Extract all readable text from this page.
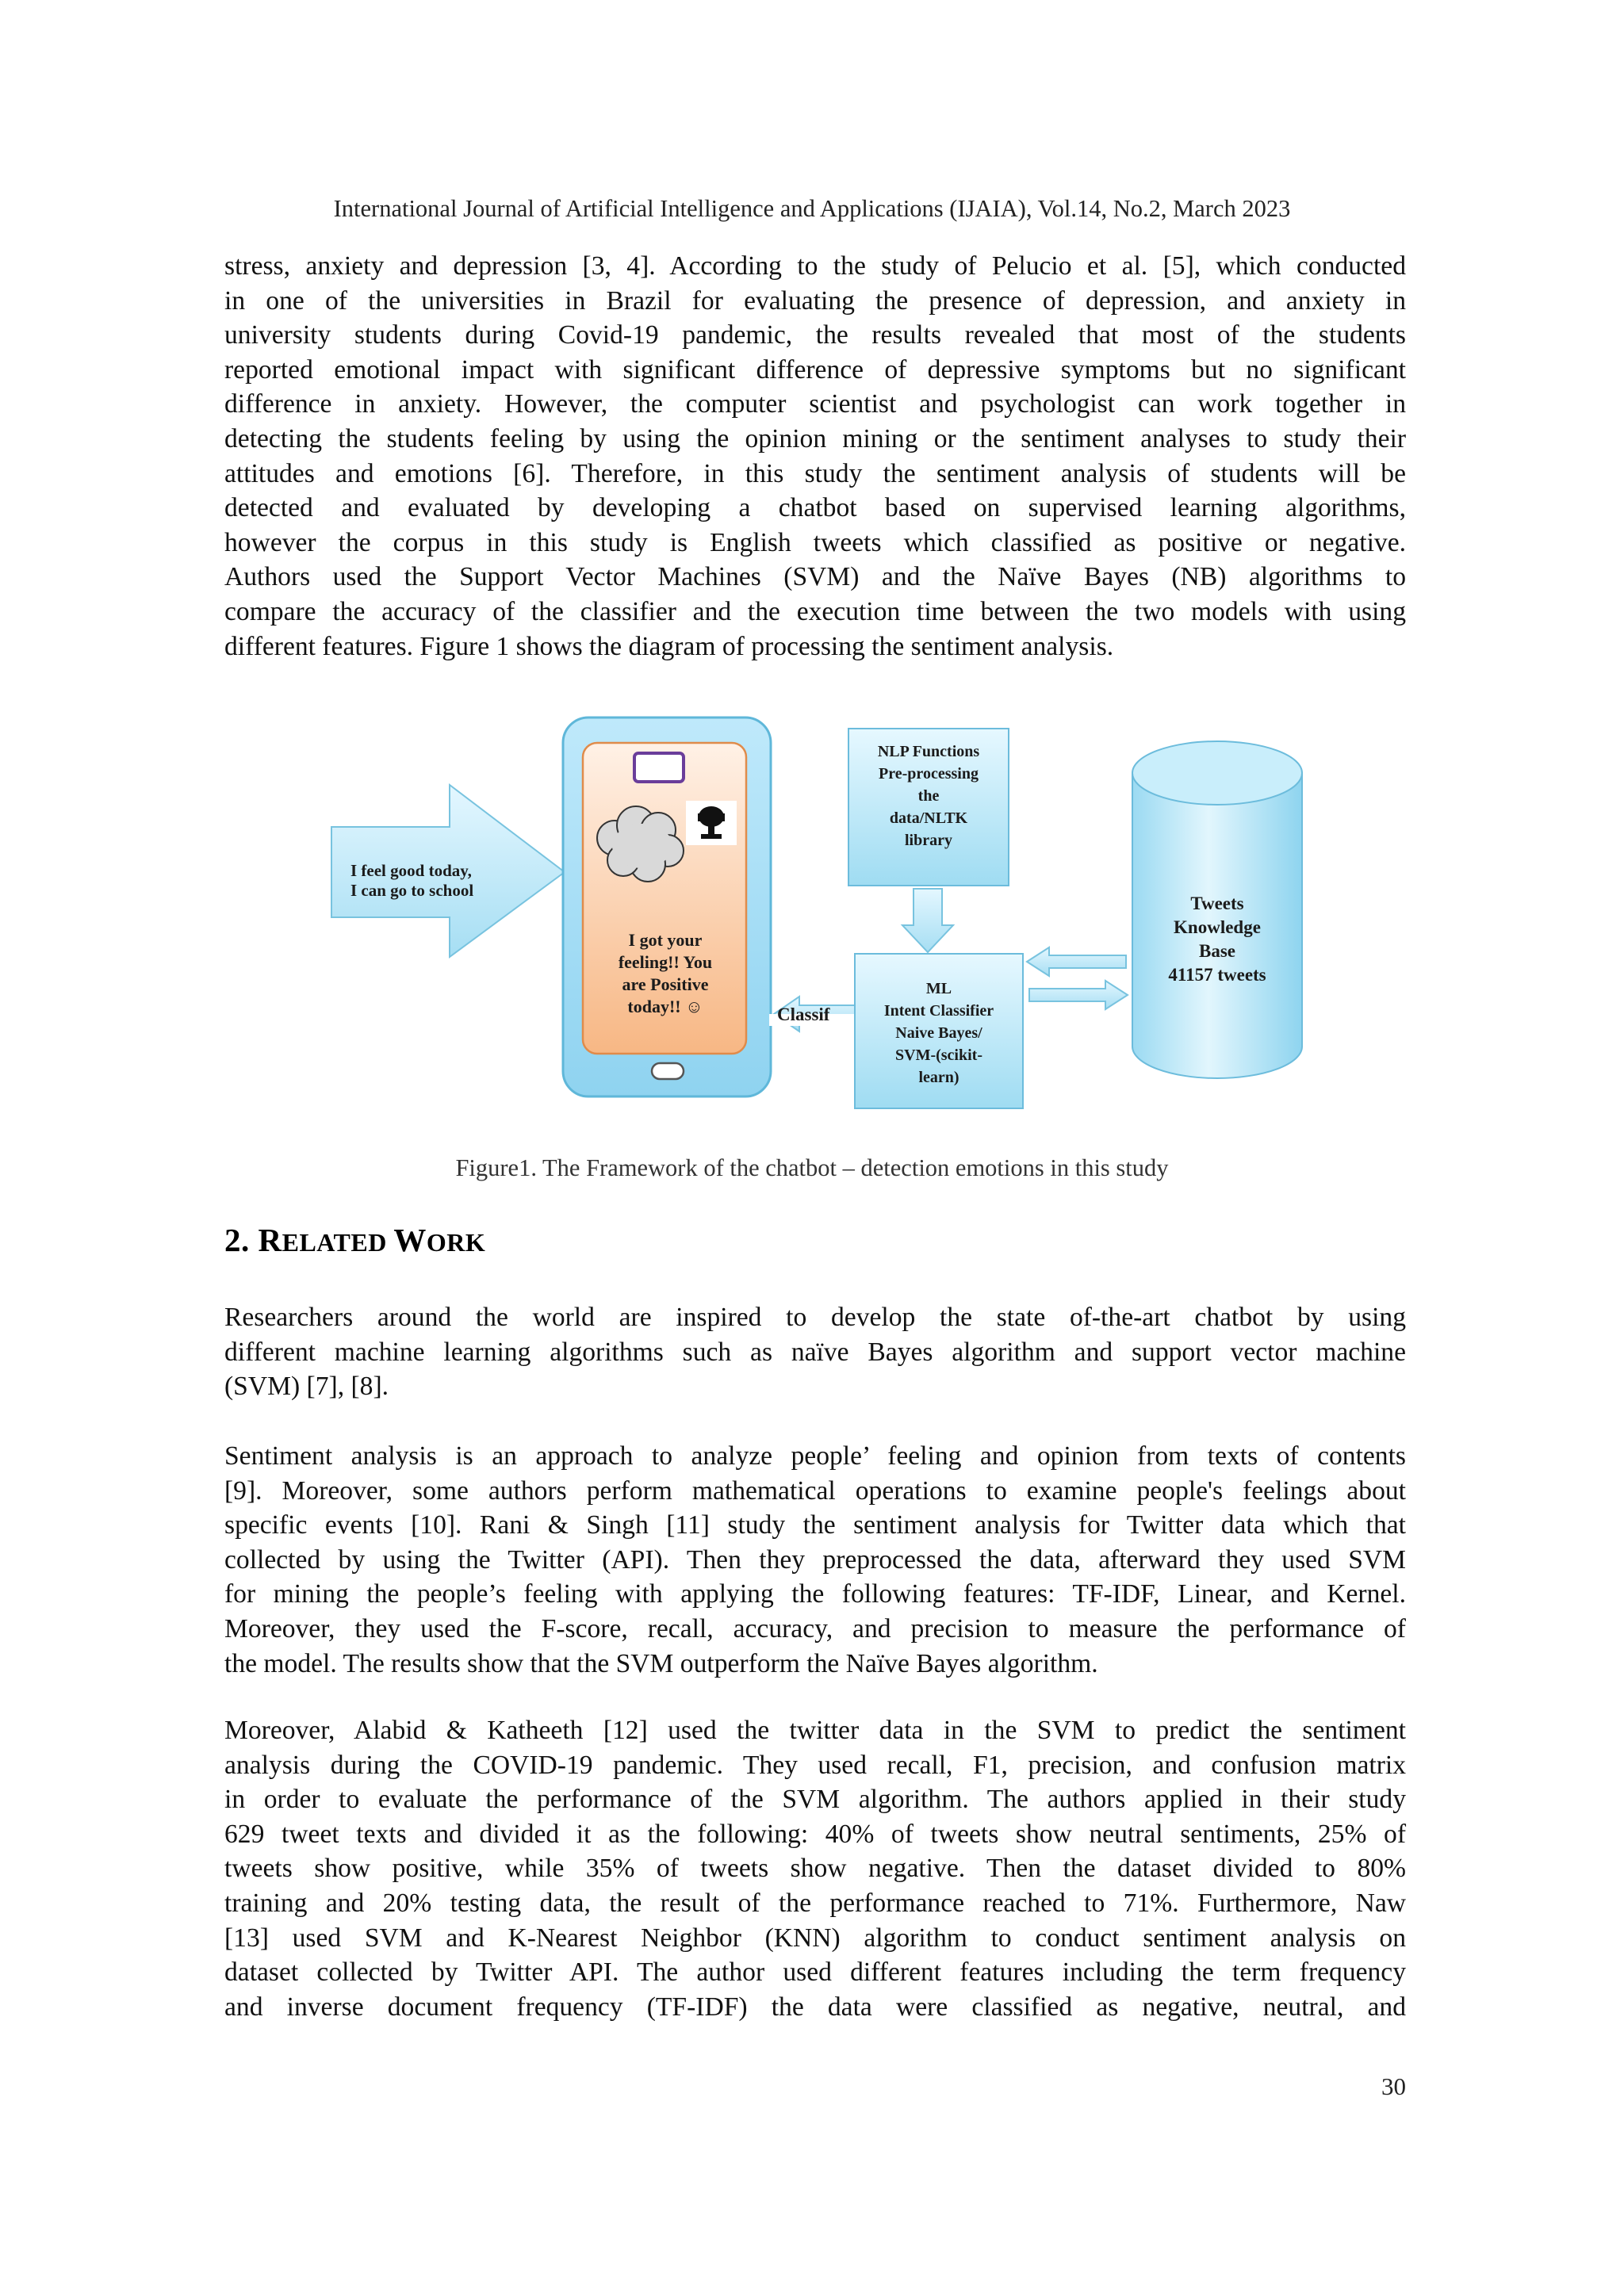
International Journal of Artificial Intelligence and Applications (IJAIA), Vol.14, No.2, March 2023
stress, anxiety and depression [3, 4]. According to the study of Pelucio et al. [5], which conducted
in one of the universities in Brazil for evaluating the presence of depression, and anxiety in
university students during Covid-19 pandemic, the results revealed that most of the students
reported emotional impact with significant difference of depressive symptoms but no significant
difference in anxiety. However, the computer scientist and psychologist can work together in
detecting the students feeling by using the opinion mining or the sentiment analyses to study their
attitudes and emotions [6]. Therefore, in this study the sentiment analysis of students will be
detected and evaluated by developing a chatbot based on supervised learning algorithms,
however the corpus in this study is English tweets which classified as positive or negative.
Authors used the Support Vector Machines (SVM) and the Naïve Bayes (NB) algorithms to
compare the accuracy of the classifier and the execution time between the two models with using
different features. Figure 1 shows the diagram of processing the sentiment analysis.
I feel good today,
I can go to school
I got your
feeling!! You
are Positive
today!! ☺	Classif
NLP Functions
Pre-processing
the
data/NLTK
library
ML
Intent Classifier
Naive Bayes/
SVM-(scikit-
learn)
Tweets
Knowledge
Base
41157 tweets
Figure1. The Framework of the chatbot – detection emotions in this study
2. RELATED WORK
Researchers around the world are inspired to develop the state of-the-art chatbot by using
different machine learning algorithms such as naïve Bayes algorithm and support vector machine
(SVM) [7], [8].
Sentiment analysis is an approach to analyze people’ feeling and opinion from texts of contents
[9]. Moreover, some authors perform mathematical operations to examine people's feelings about
specific events [10]. Rani & Singh [11] study the sentiment analysis for Twitter data which that
collected by using the Twitter (API). Then they preprocessed the data, afterward they used SVM
for mining the people’s feeling with applying the following features: TF-IDF, Linear, and Kernel.
Moreover, they used the F-score, recall, accuracy, and precision to measure the performance of
the model. The results show that the SVM outperform the Naïve Bayes algorithm.
Moreover, Alabid & Katheeth [12] used the twitter data in the SVM to predict the sentiment
analysis during the COVID-19 pandemic. They used recall, F1, precision, and confusion matrix
in order to evaluate the performance of the SVM algorithm. The authors applied in their study
629 tweet texts and divided it as the following: 40% of tweets show neutral sentiments, 25% of
tweets show positive, while 35% of tweets show negative. Then the dataset divided to 80%
training and 20% testing data, the result of the performance reached to 71%. Furthermore, Naw
[13] used SVM and K-Nearest Neighbor (KNN) algorithm to conduct sentiment analysis on
dataset collected by Twitter API. The author used different features including the term frequency
and inverse document frequency (TF-IDF) the data were classified as negative, neutral, and
30
